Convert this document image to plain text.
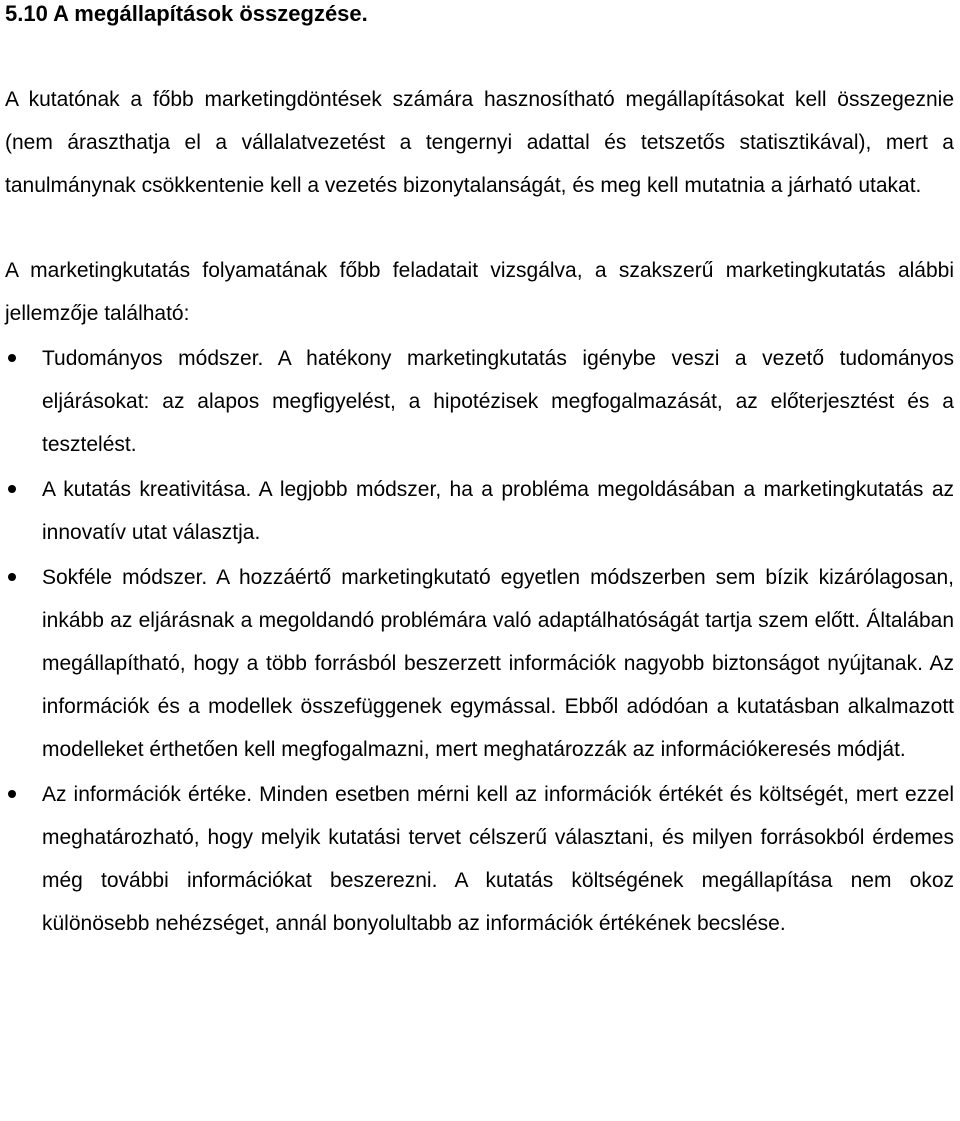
5.10 A megállapítások összegzése.

A kutatónak a főbb marketingdöntések számára hasznosítható megállapításokat kell összegeznie (nem áraszthatja el a vállalatvezetést a tengernyi adattal és tetszetős statisztikával), mert a tanulmánynak csökkentenie kell a vezetés bizonytalanságát, és meg kell mutatnia a járható utakat.

A marketingkutatás folyamatának főbb feladatait vizsgálva, a szakszerű marketingkutatás alábbi jellemzője található:

Tudományos módszer. A hatékony marketingkutatás igénybe veszi a vezető tudományos eljárásokat: az alapos megfigyelést, a hipotézisek megfogalmazását, az előterjesztést és a tesztelést.
A kutatás kreativitása. A legjobb módszer, ha a probléma megoldásában a marketingkutatás az innovatív utat választja.
Sokféle módszer. A hozzáértő marketingkutató egyetlen módszerben sem bízik kizárólagosan, inkább az eljárásnak a megoldandó problémára való adaptálhatóságát tartja szem előtt. Általában megállapítható, hogy a több forrásból beszerzett információk nagyobb biztonságot nyújtanak. Az információk és a modellek összefüggenek egymással. Ebből adódóan a kutatásban alkalmazott modelleket érthetően kell megfogalmazni, mert meghatározzák az információkeresés módját.
Az információk értéke. Minden esetben mérni kell az információk értékét és költségét, mert ezzel meghatározható, hogy melyik kutatási tervet célszerű választani, és milyen forrásokból érdemes még további információkat beszerezni. A kutatás költségének megállapítása nem okoz különösebb nehézséget, annál bonyolultabb az információk értékének becslése.
